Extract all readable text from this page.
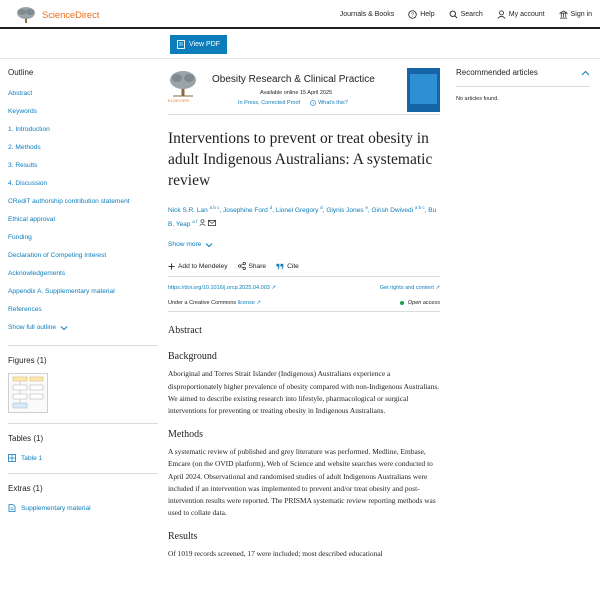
ScienceDirect	Journals & Books	? Help	Search	My account	Sign in
View PDF
Outline
Abstract
Keywords
1. Introduction
2. Methods
3. Results
4. Discussion
CRediT authorship contribution statement
Ethical approval
Funding
Declaration of Competing Interest
Acknowledgements
Appendix A. Supplementary material
References
Show full outline
Figures (1)
Tables (1)
Table 1
Extras (1)
Supplementary material
ELSEVIER
Obesity Research & Clinical Practice
Available online 15 April 2025
In Press, Corrected Proof ? What's this?
Interventions to prevent or treat obesity in adult Indigenous Australians: A systematic review
Nick S.R. Lan $^{a b c}$, Josephine Ford $^d$, Lionel Gregory $^d$, Glynis Jones $^e$, Girish Dwivedi $^{a b c}$, Bu B. Yeap $^{a f}$
Show more
Add to Mendeley	Share	Cite
https://doi.org/10.1016/j.orcp.2025.04.003 ↗	Get rights and content ↗
Under a Creative Commons license ↗	Open access
Abstract
Background
Aboriginal and Torres Strait Islander (Indigenous) Australians experience a disproportionately higher prevalence of obesity compared with non-Indigenous Australians. We aimed to describe existing research into lifestyle, pharmacological or surgical interventions for preventing or treating obesity in Indigenous Australians.
Methods
A systematic review of published and grey literature was performed. Medline, Embase, Emcare (on the OVID platform), Web of Science and website searches were conducted to April 2024. Observational and randomised studies of adult Indigenous Australians were included if an intervention was implemented to prevent and/or treat obesity and post-intervention results were reported. The PRISMA systematic review reporting methods was used to collate data.
Results
Of 1019 records screened, 17 were included; most described educational
Recommended articles
No articles found.
